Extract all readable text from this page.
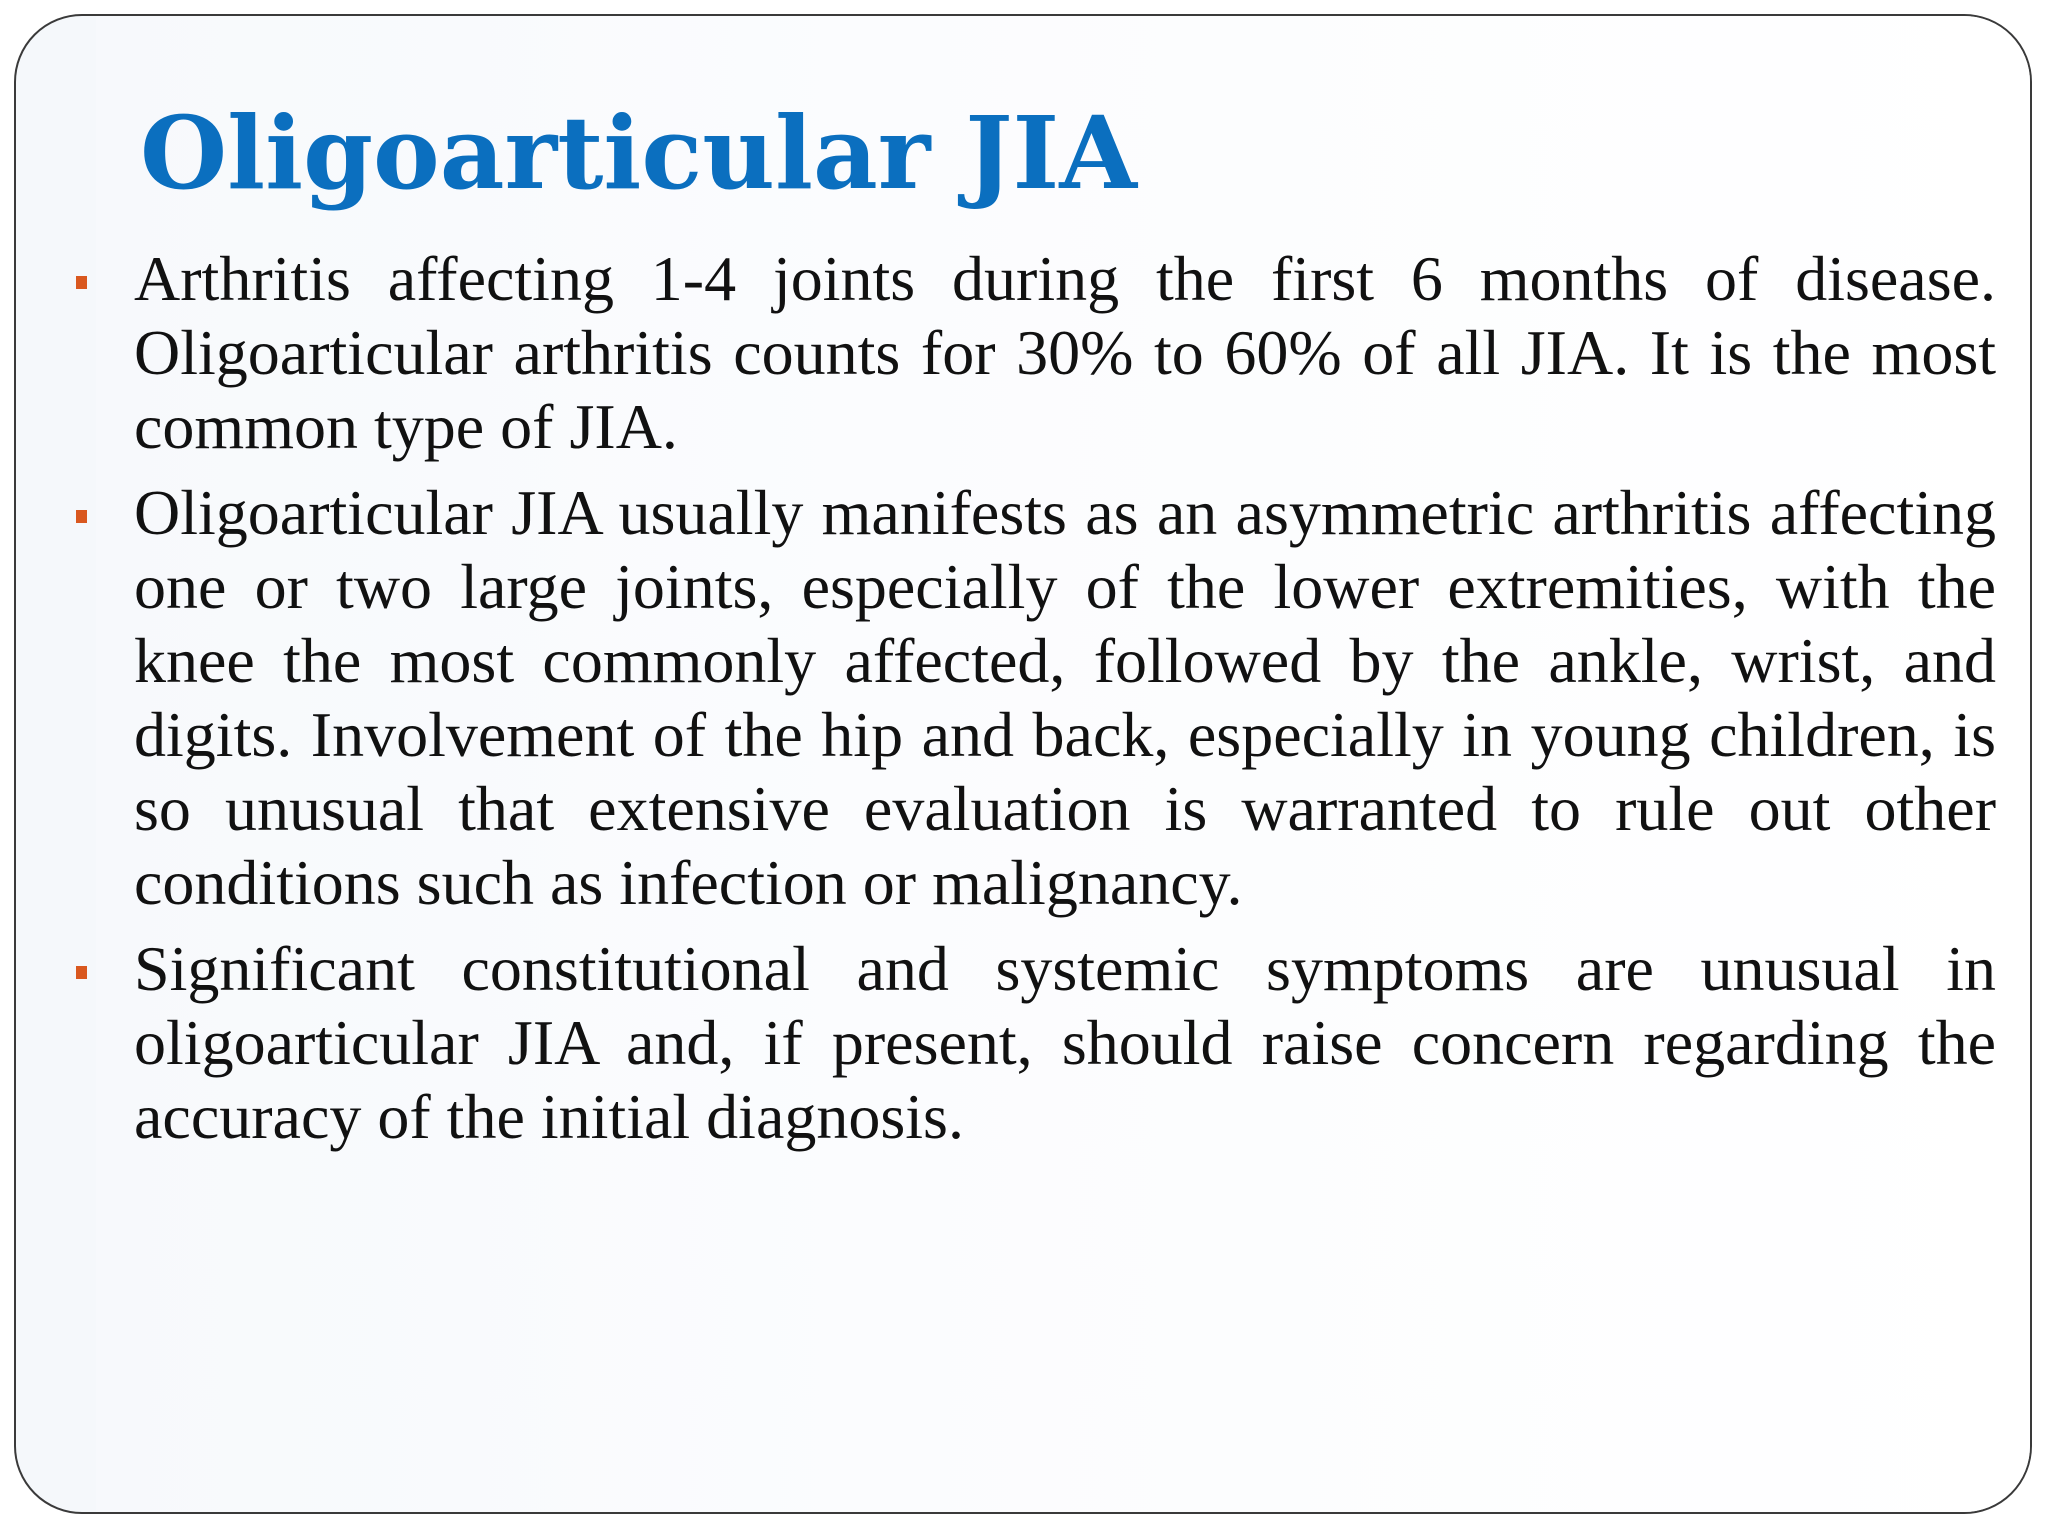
Oligoarticular JIA
Arthritis affecting 1-4 joints during the first 6 months of disease. Oligoarticular arthritis counts for 30% to 60% of all JIA. It is the most common type of JIA.
Oligoarticular JIA usually manifests as an asymmetric arthritis affecting one or two large joints, especially of the lower extremities, with the knee the most commonly affected, followed by the ankle, wrist, and digits. Involvement of the hip and back, especially in young children, is so unusual that extensive evaluation is warranted to rule out other conditions such as infection or malignancy.
Significant constitutional and systemic symptoms are unusual in oligoarticular JIA and, if present, should raise concern regarding the accuracy of the initial diagnosis.
